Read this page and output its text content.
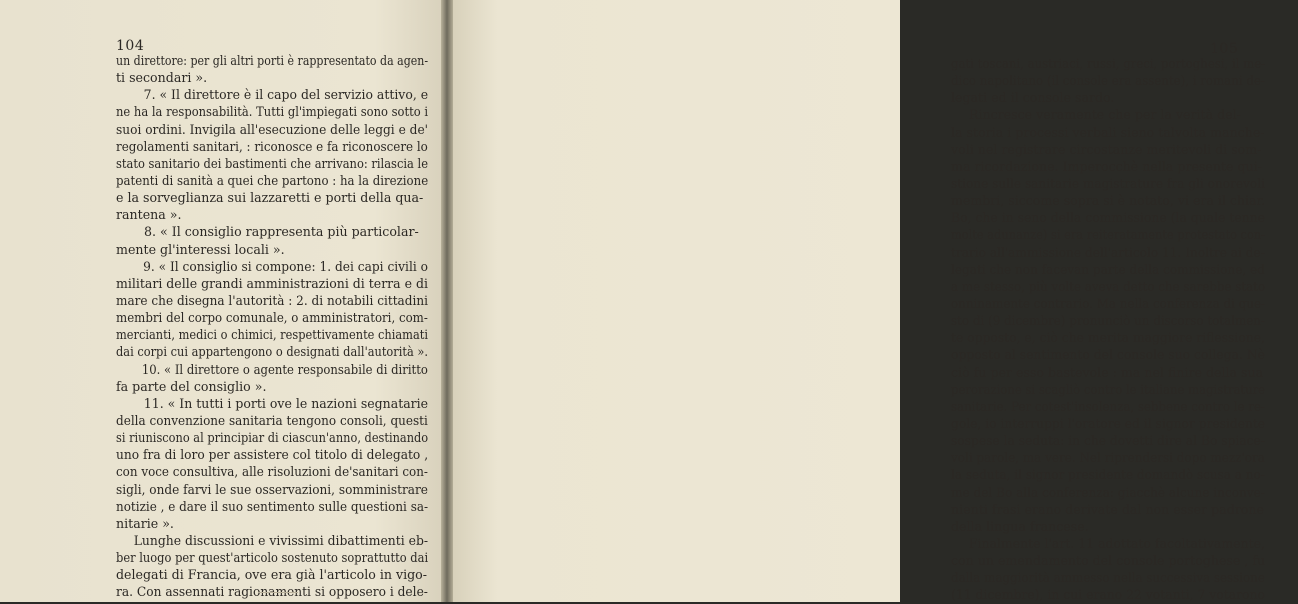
104
un direttore: per gli altri porti è rappresentato da agen-
ti secondari ».
7. « Il direttore è il capo del servizio attivo, e
ne ha la responsabilità. Tutti gl'impiegati sono sotto i
suoi ordini. Invigila all'esecuzione delle leggi e de'
regolamenti sanitari, : riconosce e fa riconoscere lo
stato sanitario dei bastimenti che arrivano: rilascia le
patenti di sanità a quei che partono : ha la direzione
e la sorveglianza sui lazzaretti e porti della qua-
rantena ».
8. « Il consiglio rappresenta più particolar-
mente gl'interessi locali ».
9. « Il consiglio si compone: 1. dei capi civili o
militari delle grandi amministrazioni di terra e di
mare che disegna l'autorità : 2. di notabili cittadini
membri del corpo comunale, o amministratori, com-
mercianti, medici o chimici, respettivamente chiamati
dai corpi cui appartengono o designati dall'autorità ».
10. « Il direttore o agente responsabile di diritto
fa parte del consiglio ».
11. « In tutti i porti ove le nazioni segnatarie
della convenzione sanitaria tengono consoli, questi
si riuniscono al principiar di ciascun'anno, destinando
uno fra di loro per assistere col titolo di delegato ,
con voce consultiva, alle risoluzioni de'sanitari con-
sigli, onde farvi le sue osservazioni, somministrare
notizie , e dare il suo sentimento sulle questioni sa-
nitarie ».
Lunghe discussioni e vivissimi dibattimenti eb-
ber luogo per quest'articolo sostenuto soprattutto dai
delegati di Francia, ove era già l'articolo in vigo-
ra. Con assennati ragionamenti si opposero i dele-
105
gati toscani, austriaci, russi, greci, portoghesi, il me-
dico napolitano (il console era assente), i romani de-
legati ed il console sardo.
Rincresce veramente che per la verità del-
la storia i processi verbali sieno talvolta manche-
voli nel registrare circostanze meritevoli di som-
ma ricordazione. Imperocchè nella presente qui-
stione sulle sanitarie magistrature fra gli onorevoli
membri, siccome sopra si è notato, vi era il chiar.
Bo, che in seno della commissione (la quale tenne
molte adunanze) si era reiteratamente protestato con-
trario all'ammissione dell'articolo 11. Inoltre ai de-
legati che non facevan parte della commissione, ed
a me stesso, più volte aveva detto che sarebbe stato
onninamente contrario. Ma nella conferenza di que-
sto di (9 dicembre) pronunciò un discorso totalmen-
te opposto, e, ciò che merita maggiore riflessione,
opposto al sentimento del console suo collega. Nè
ciò fu per esso bastevole : ma nel finire della sua
perorazione si scagliò contro le italiane magistrature
sanitarie. Per cotest'insolenza, sebbene contro le re-
gole, io interruppi l'oratore ed il signor presidente
sospese la seduta: in che dovetti dire al Bo spiace-
voli parole, ma vere. Nel riprendersi dopo mezz'ora
la seduta, il signor presidente domandò scusa a no-
me del Bo alla conferenza: giacchè alcune inconve-
nienti frasi erano derivate dal non esser padrone
della lingua francese.
Finalmente l'art. 11 adottato facoltativamente,
con un emendamento del console portoghese , fu
dalla maggiorità ammesso nella successiva sessione
(11 dicembre), in cui erano 22 votanti, 7 votarono
